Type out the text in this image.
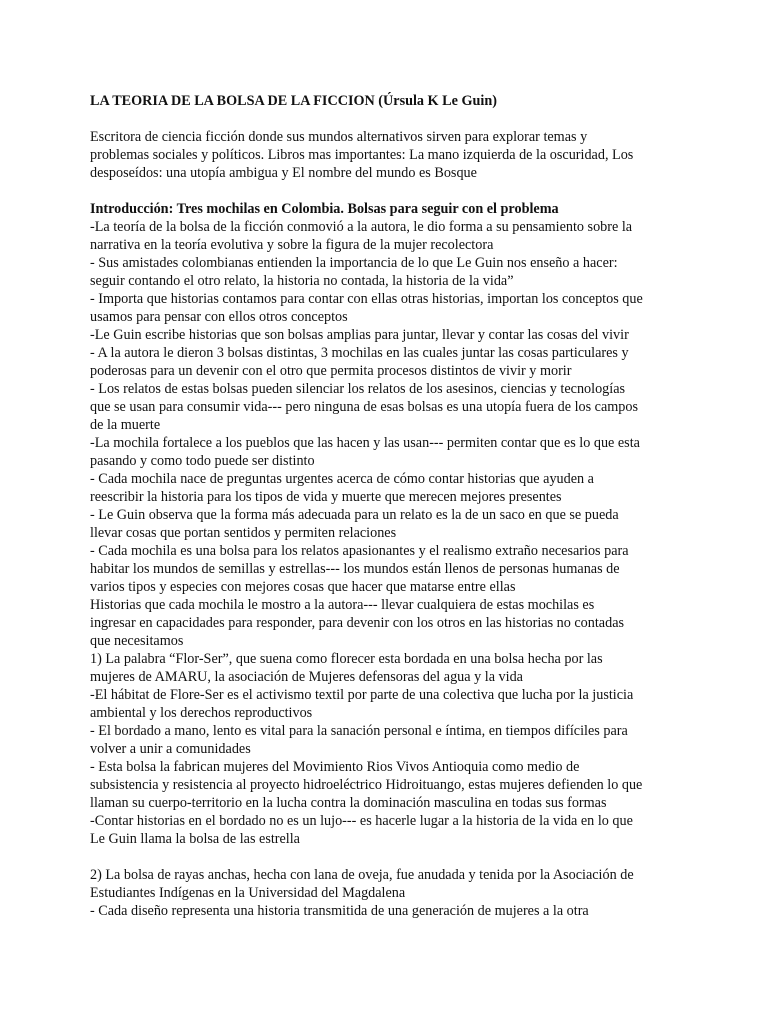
LA TEORIA DE LA BOLSA DE LA FICCION (Úrsula K Le Guin)

Escritora de ciencia ficción donde sus mundos alternativos sirven para explorar temas y
problemas sociales y políticos. Libros mas importantes: La mano izquierda de la oscuridad, Los
desposeídos: una utopía ambigua y El nombre del mundo es Bosque
Introducción: Tres mochilas en Colombia. Bolsas para seguir con el problema
-La teoría de la bolsa de la ficción conmovió a la autora, le dio forma a su pensamiento sobre la
narrativa en la teoría evolutiva y sobre la figura de la mujer recolectora
- Sus amistades colombianas entienden la importancia de lo que Le Guin nos enseño a hacer:
seguir contando el otro relato, la historia no contada, la historia de la vida”
- Importa que historias contamos para contar con ellas otras historias, importan los conceptos que
usamos para pensar con ellos otros conceptos
-Le Guin escribe historias que son bolsas amplias para juntar, llevar y contar las cosas del vivir
- A la autora le dieron 3 bolsas distintas, 3 mochilas en las cuales juntar las cosas particulares y
poderosas para un devenir con el otro que permita procesos distintos de vivir y morir
- Los relatos de estas bolsas pueden silenciar los relatos de los asesinos, ciencias y tecnologías
que se usan para consumir vida--- pero ninguna de esas bolsas es una utopía fuera de los campos
de la muerte
-La mochila fortalece a los pueblos que las hacen y las usan--- permiten contar que es lo que esta
pasando y como todo puede ser distinto
- Cada mochila nace de preguntas urgentes acerca de cómo contar historias que ayuden a
reescribir la historia para los tipos de vida y muerte que merecen mejores presentes
- Le Guin observa que la forma más adecuada para un relato es la de un saco en que se pueda
llevar cosas que portan sentidos y permiten relaciones
- Cada mochila es una bolsa para los relatos apasionantes y el realismo extraño necesarios para
habitar los mundos de semillas y estrellas--- los mundos están llenos de personas humanas de
varios tipos y especies con mejores cosas que hacer que matarse entre ellas
Historias que cada mochila le mostro a la autora--- llevar cualquiera de estas mochilas es
ingresar en capacidades para responder, para devenir con los otros en las historias no contadas
que necesitamos
1) La palabra “Flor-Ser”, que suena como florecer esta bordada en una bolsa hecha por las
mujeres de AMARU, la asociación de Mujeres defensoras del agua y la vida
-El hábitat de Flore-Ser es el activismo textil por parte de una colectiva que lucha por la justicia
ambiental y los derechos reproductivos
- El bordado a mano, lento es vital para la sanación personal e íntima, en tiempos difíciles para
volver a unir a comunidades
- Esta bolsa la fabrican mujeres del Movimiento Rios Vivos Antioquia como medio de
subsistencia y resistencia al proyecto hidroeléctrico Hidroituango, estas mujeres defienden lo que
llaman su cuerpo-territorio en la lucha contra la dominación masculina en todas sus formas
-Contar historias en el bordado no es un lujo--- es hacerle lugar a la historia de la vida en lo que
Le Guin llama la bolsa de las estrella
2) La bolsa de rayas anchas, hecha con lana de oveja, fue anudada y tenida por la Asociación de
Estudiantes Indígenas en la Universidad del Magdalena
- Cada diseño representa una historia transmitida de una generación de mujeres a la otra
